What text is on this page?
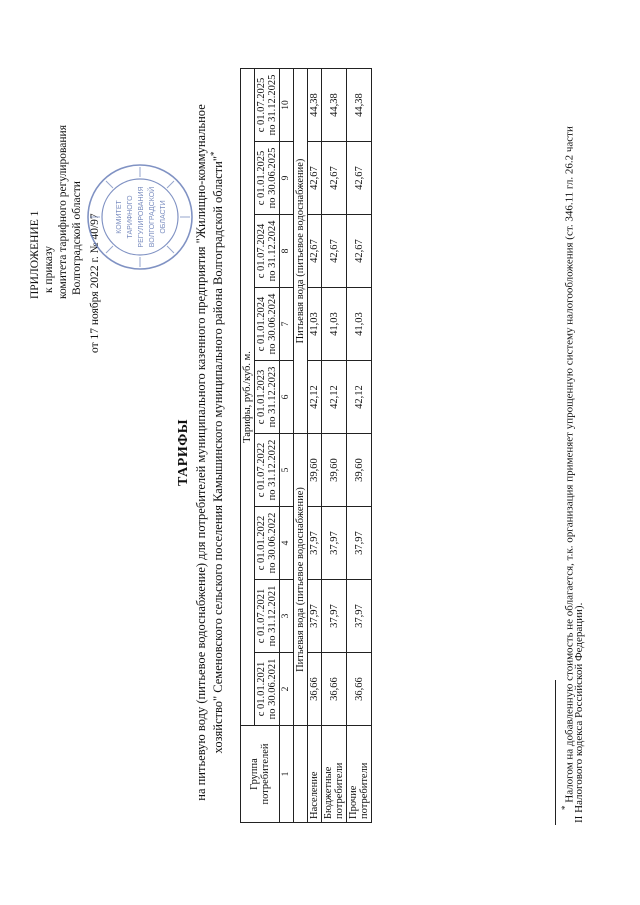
ПРИЛОЖЕНИЕ 1 к приказу комитета тарифного регулирования Волгоградской области от 17 ноября 2022 г. № 40/97 КОМИТЕТ ТАРИФНОГО РЕГУЛИРОВАНИЯ ВОЛГОГРАДСКОЙ ОБЛАСТИ
ТАРИФЫ на питьевую воду (питьевое водоснабжение) для потребителей муниципального казенного предприятия "Жилищно-коммунальное хозяйство" Семеновского сельского поселения Камышинского муниципального района Волгоградской области"*
Группа потребителей	Тарифы, руб./куб. м.								
	с 01.01.2021 по 30.06.2021	с 01.07.2021 по 31.12.2021	с 01.01.2022 по 30.06.2022	с 01.07.2022 по 31.12.2022	с 01.01.2023 по 31.12.2023	с 01.01.2024 по 30.06.2024	с 01.07.2024 по 31.12.2024	с 01.01.2025 по 30.06.2025	с 01.07.2025 по 31.12.2025
1	2	3	4	5	6	7	8	9	10
	Питьевая вода (питьевое водоснабжение)				Питьевая вода (питьевое водоснабжение)				
Население	36,66	37,97	37,97	39,60	42,12	41,03	42,67	42,67	44,38
Бюджетные потребители	36,66	37,97	37,97	39,60	42,12	41,03	42,67	42,67	44,38
Прочие потребители	36,66	37,97	37,97	39,60	42,12	41,03	42,67	42,67	44,38
* Налогом на добавленную стоимость не облагается, т.к. организация применяет упрощенную систему налогообложения (ст. 346.11 гл. 26.2 части
II Налогового кодекса Российской Федерации).
